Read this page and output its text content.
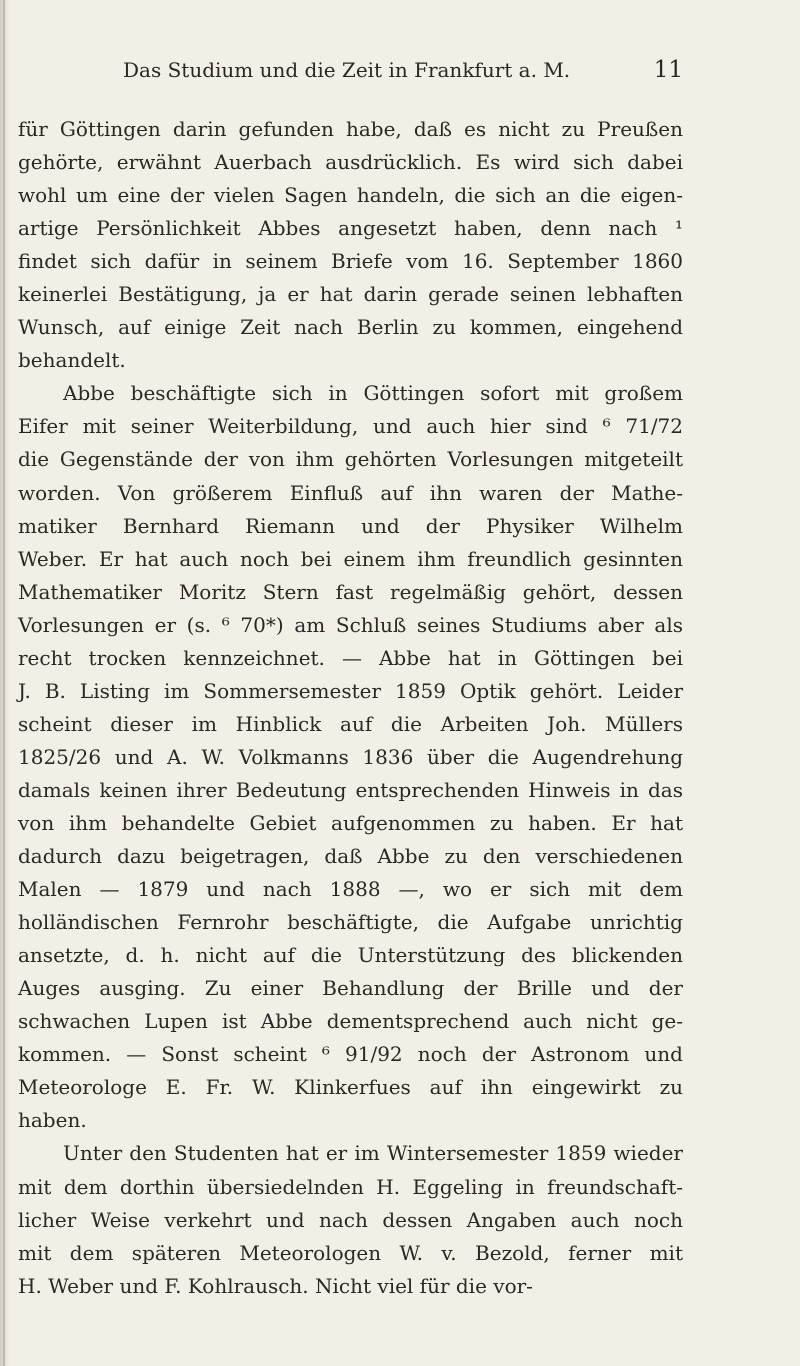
Das Studium und die Zeit in Frankfurt a. M.	11
für Göttingen darin gefunden habe, daß es nicht zu Preußen
gehörte, erwähnt Auerbach ausdrücklich. Es wird sich dabei
wohl um eine der vielen Sagen handeln, die sich an die eigen-
artige Persönlichkeit Abbes angesetzt haben, denn nach ¹
findet sich dafür in seinem Briefe vom 16. September 1860
keinerlei Bestätigung, ja er hat darin gerade seinen lebhaften
Wunsch, auf einige Zeit nach Berlin zu kommen, eingehend
behandelt.
Abbe beschäftigte sich in Göttingen sofort mit großem
Eifer mit seiner Weiterbildung, und auch hier sind ⁶ 71/72
die Gegenstände der von ihm gehörten Vorlesungen mitgeteilt
worden. Von größerem Einfluß auf ihn waren der Mathe-
matiker Bernhard Riemann und der Physiker Wilhelm
Weber. Er hat auch noch bei einem ihm freundlich gesinnten
Mathematiker Moritz Stern fast regelmäßig gehört, dessen
Vorlesungen er (s. ⁶ 70*) am Schluß seines Studiums aber als
recht trocken kennzeichnet. — Abbe hat in Göttingen bei
J. B. Listing im Sommersemester 1859 Optik gehört. Leider
scheint dieser im Hinblick auf die Arbeiten Joh. Müllers
1825/26 und A. W. Volkmanns 1836 über die Augendrehung
damals keinen ihrer Bedeutung entsprechenden Hinweis in das
von ihm behandelte Gebiet aufgenommen zu haben. Er hat
dadurch dazu beigetragen, daß Abbe zu den verschiedenen
Malen — 1879 und nach 1888 —, wo er sich mit dem
holländischen Fernrohr beschäftigte, die Aufgabe unrichtig
ansetzte, d. h. nicht auf die Unterstützung des blickenden
Auges ausging. Zu einer Behandlung der Brille und der
schwachen Lupen ist Abbe dementsprechend auch nicht ge-
kommen. — Sonst scheint ⁶ 91/92 noch der Astronom und
Meteorologe E. Fr. W. Klinkerfues auf ihn eingewirkt zu
haben.
Unter den Studenten hat er im Wintersemester 1859 wieder
mit dem dorthin übersiedelnden H. Eggeling in freundschaft-
licher Weise verkehrt und nach dessen Angaben auch noch
mit dem späteren Meteorologen W. v. Bezold, ferner mit
H. Weber und F. Kohlrausch. Nicht viel für die vor-
